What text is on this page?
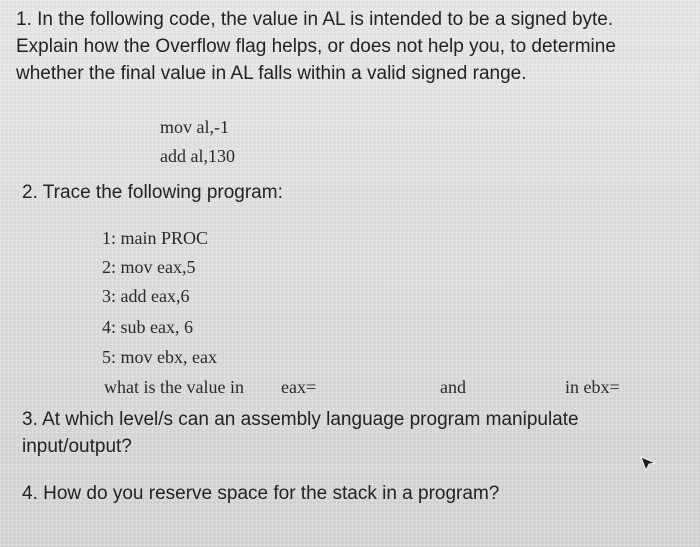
1. In the following code, the value in AL is intended to be a signed byte.
Explain how the Overflow flag helps, or does not help you, to determine
whether the final value in AL falls within a valid signed range.
mov al,-1
add al,130
2. Trace the following program:
1: main PROC
2: mov eax,5
3: add eax,6
4: sub eax, 6
5: mov ebx, eax
what is the value in eax=	and	in ebx=
3. At which level/s can an assembly language program manipulate
input/output?
4. How do you reserve space for the stack in a program?
